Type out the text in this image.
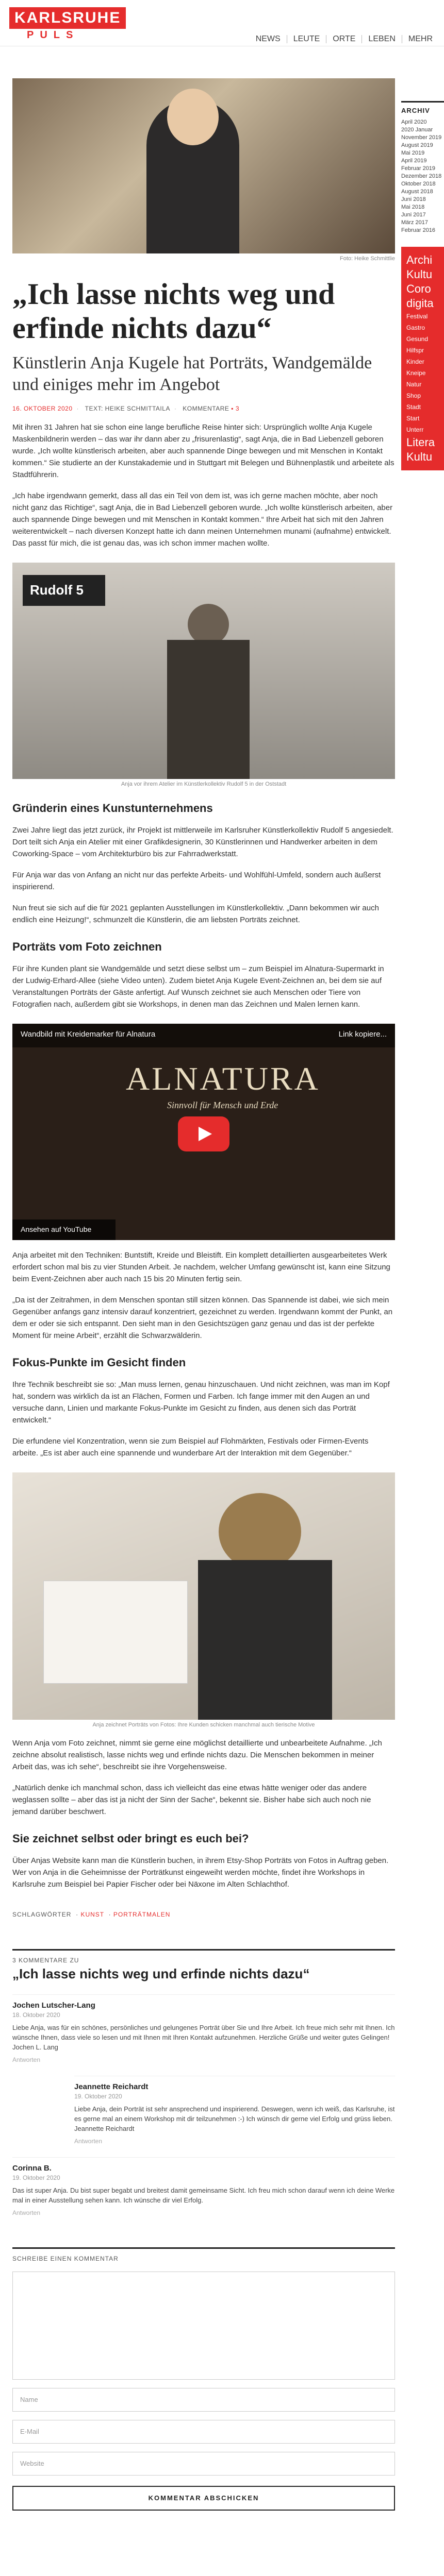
KARLSRUHE
PULS	NEWS	LEUTE	ORTE	LEBEN	MEHR
Foto: Heike Schmittlie
„Ich lasse nichts weg und erfinde nichts dazu“
Künstlerin Anja Kugele hat Porträts, Wandgemälde und einiges mehr im Angebot
16. OKTOBER 2020 · TEXT: HEIKE SCHMITTAILA · KOMMENTARE ▪ 3

Mit ihren 31 Jahren hat sie schon eine lange berufliche Reise hinter sich: Ursprünglich wollte Anja Kugele Maskenbildnerin werden – das war ihr dann aber zu „frisurenlastig“, sagt Anja, die in Bad Liebenzell geboren wurde. „Ich wollte künstlerisch arbeiten, aber auch spannende Dinge bewegen und mit Menschen in Kontakt kommen.“ Sie studierte an der Kunstakademie und in Stuttgart mit Belegen und Bühnenplastik und arbeitete als Stadtführerin.

„Ich habe irgendwann gemerkt, dass all das ein Teil von dem ist, was ich gerne machen möchte, aber noch nicht ganz das Richtige“, sagt Anja, die in Bad Liebenzell geboren wurde. „Ich wollte künstlerisch arbeiten, aber auch spannende Dinge bewegen und mit Menschen in Kontakt kommen.“ Ihre Arbeit hat sich mit den Jahren weiterentwickelt – nach diversen Konzept hatte ich dann meinen Unternehmen munami (aufnahme) entwickelt. Das passt für mich, die ist genau das, was ich schon immer machen wollte.

Rudolf 5
Anja vor ihrem Atelier im Künstlerkollektiv Rudolf 5 in der Oststadt
Gründerin eines Kunstunternehmens

Zwei Jahre liegt das jetzt zurück, ihr Projekt ist mittlerweile im Karlsruher Künstlerkollektiv Rudolf 5 angesiedelt. Dort teilt sich Anja ein Atelier mit einer Grafikdesignerin, 30 Künstlerinnen und Handwerker arbeiten in dem Coworking-Space – vom Architekturbüro bis zur Fahrradwerkstatt.

Für Anja war das von Anfang an nicht nur das perfekte Arbeits- und Wohlfühl-Umfeld, sondern auch äußerst inspirierend.

Nun freut sie sich auf die für 2021 geplanten Ausstellungen im Künstlerkollektiv. „Dann bekommen wir auch endlich eine Heizung!“, schmunzelt die Künstlerin, die am liebsten Porträts zeichnet.

Porträts vom Foto zeichnen

Für ihre Kunden plant sie Wandgemälde und setzt diese selbst um – zum Beispiel im Alnatura-Supermarkt in der Ludwig-Erhard-Allee (siehe Video unten). Zudem bietet Anja Kugele Event-Zeichnen an, bei dem sie auf Veranstaltungen Porträts der Gäste anfertigt. Auf Wunsch zeichnet sie auch Menschen oder Tiere von Fotografien nach, außerdem gibt sie Workshops, in denen man das Zeichnen und Malen lernen kann.

Wandbild mit Kreidemarker für Alnatura	Link kopiere...
ALNATURA
Sinnvoll für Mensch und Erde
Ansehen auf YouTube

Anja arbeitet mit den Techniken: Buntstift, Kreide und Bleistift. Ein komplett detaillierten ausgearbeitetes Werk erfordert schon mal bis zu vier Stunden Arbeit. Je nachdem, welcher Umfang gewünscht ist, kann eine Sitzung beim Event-Zeichnen aber auch nach 15 bis 20 Minuten fertig sein.

„Da ist der Zeitrahmen, in dem Menschen spontan still sitzen können. Das Spannende ist dabei, wie sich mein Gegenüber anfangs ganz intensiv darauf konzentriert, gezeichnet zu werden. Irgendwann kommt der Punkt, an dem er oder sie sich entspannt. Den sieht man in den Gesichtszügen ganz genau und das ist der perfekte Moment für meine Arbeit“, erzählt die Schwarzwälderin.

Fokus-Punkte im Gesicht finden

Ihre Technik beschreibt sie so: „Man muss lernen, genau hinzuschauen. Und nicht zeichnen, was man im Kopf hat, sondern was wirklich da ist an Flächen, Formen und Farben. Ich fange immer mit den Augen an und versuche dann, Linien und markante Fokus-Punkte im Gesicht zu finden, aus denen sich das Porträt entwickelt.“

Die erfundene viel Konzentration, wenn sie zum Beispiel auf Flohmärkten, Festivals oder Firmen-Events arbeite. „Es ist aber auch eine spannende und wunderbare Art der Interaktion mit dem Gegenüber.“

Anja zeichnet Porträts von Fotos: Ihre Kunden schicken manchmal auch tierische Motive

Wenn Anja vom Foto zeichnet, nimmt sie gerne eine möglichst detaillierte und unbearbeitete Aufnahme. „Ich zeichne absolut realistisch, lasse nichts weg und erfinde nichts dazu. Die Menschen bekommen in meiner Arbeit das, was ich sehe“, beschreibt sie ihre Vorgehensweise.

„Natürlich denke ich manchmal schon, dass ich vielleicht das eine etwas hätte weniger oder das andere weglassen sollte – aber das ist ja nicht der Sinn der Sache“, bekennt sie. Bisher habe sich auch noch nie jemand darüber beschwert.

Sie zeichnet selbst oder bringt es euch bei?

Über Anjas Website kann man die Künstlerin buchen, in ihrem Etsy-Shop Porträts von Fotos in Auftrag geben. Wer von Anja in die Geheimnisse der Porträtkunst eingeweiht werden möchte, findet ihre Workshops in Karlsruhe zum Beispiel bei Papier Fischer oder bei Näxone im Alten Schlachthof.

SCHLAGWÖRTER  · KUNST  · PORTRÄTMALEN
3 KOMMENTARE ZU
„Ich lasse nichts weg und erfinde nichts dazu“
Jochen Lutscher-Lang
18. Oktober 2020
Liebe Anja, was für ein schönes, persönliches und gelungenes Porträt über Sie und Ihre Arbeit. Ich freue mich sehr mit Ihnen. Ich wünsche Ihnen, dass viele so lesen und mit Ihnen mit Ihren Kontakt aufzunehmen. Herzliche Grüße und weiter gutes Gelingen! Jochen L. Lang
Antworten
Jeannette Reichardt
19. Oktober 2020
Liebe Anja, dein Porträt ist sehr ansprechend und inspirierend. Deswegen, wenn ich weiß, das Karlsruhe, ist es gerne mal an einem Workshop mit dir teilzunehmen :-) Ich wünsch dir gerne viel Erfolg und grüss lieben. Jeannette Reichardt
Antworten
Corinna B.
19. Oktober 2020
Das ist super Anja. Du bist super begabt und breitest damit gemeinsame Sicht. Ich freu mich schon darauf wenn ich deine Werke mal in einer Ausstellung sehen kann. Ich wünsche dir viel Erfolg.
Antworten
SCHREIBE EINEN KOMMENTAR
Name
E-Mail
Website
KOMMENTAR ABSCHICKEN
ARCHIV
April 2020
2020 Januar
November 2019
August 2019
Mai 2019
April 2019
Februar 2019
Dezember 2018
Oktober 2018
August 2018
Juni 2018
Mai 2018
Juni 2017
März 2017
Februar 2016
Archi
Kultu
Coro
digita
Festival
Gastro
Gesund
Hilfspr
Kinder
Kneipe
Natur
Shop
Stadt
Start
Unterr
Litera
Kultu
